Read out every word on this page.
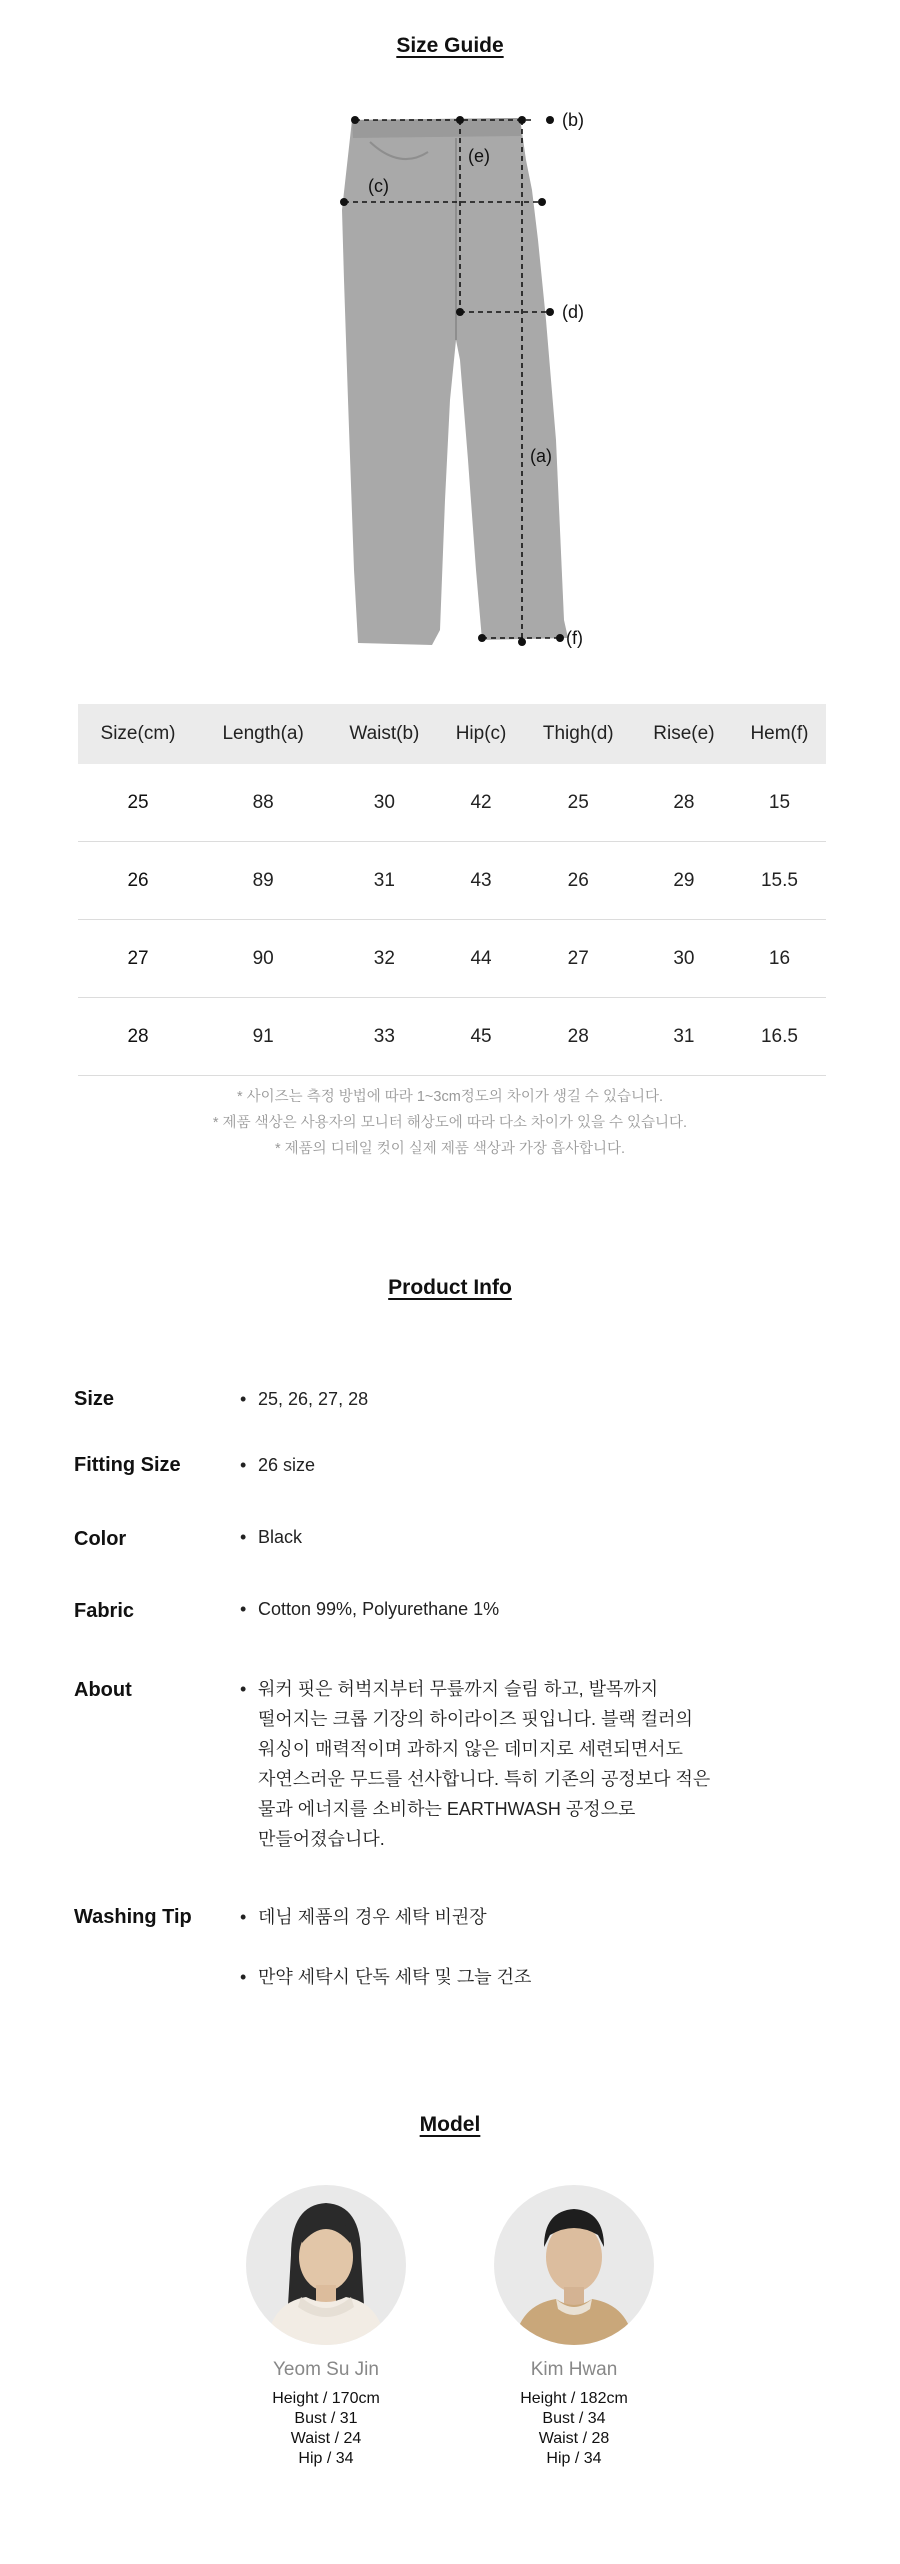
Size Guide
(b)
(e)
(c)
(d)
(a)
(f)
Size(cm)	Length(a)	Waist(b)	Hip(c)	Thigh(d)	Rise(e)	Hem(f)
25	88	30	42	25	28	15
26	89	31	43	26	29	15.5
27	90	32	44	27	30	16
28	91	33	45	28	31	16.5
* 사이즈는 측정 방법에 따라 1~3cm정도의 차이가 생길 수 있습니다.
* 제품 색상은 사용자의 모니터 해상도에 따라 다소 차이가 있을 수 있습니다.
* 제품의 디테일 컷이 실제 제품 색상과 가장 흡사합니다.
Product Info
Size	• 25, 26, 27, 28
Fitting Size	• 26 size
Color	• Black
Fabric	• Cotton 99%, Polyurethane 1%
About	• 워커 핏은 허벅지부터 무릎까지 슬림 하고, 발목까지
떨어지는 크롭 기장의 하이라이즈 핏입니다. 블랙 컬러의
워싱이 매력적이며 과하지 않은 데미지로 세련되면서도
자연스러운 무드를 선사합니다. 특히 기존의 공정보다 적은
물과 에너지를 소비하는 EARTHWASH 공정으로
만들어졌습니다.
Washing Tip	• 데님 제품의 경우 세탁 비권장
• 만약 세탁시 단독 세탁 및 그늘 건조
Model
Yeom Su Jin
Height / 170cm
Bust / 31
Waist / 24
Hip / 34
Kim Hwan
Height / 182cm
Bust / 34
Waist / 28
Hip / 34
